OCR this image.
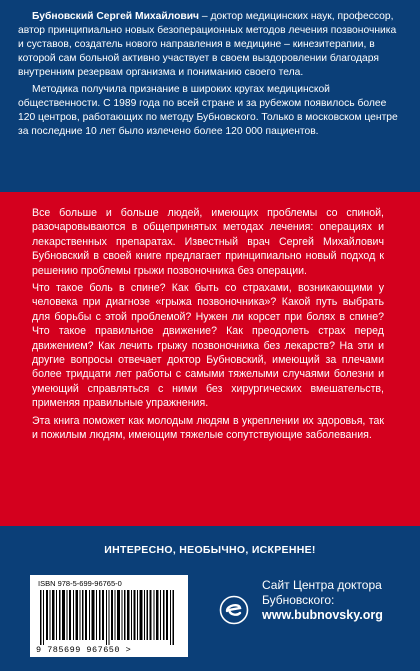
Бубновский Сергей Михайлович – доктор медицинских наук, профессор, автор принципиально новых безоперационных методов лечения позвоночника и суставов, создатель нового направления в медицине – кинезитерапии, в которой сам больной активно участвует в своем выздоровлении благодаря внутренним резервам организма и пониманию своего тела.

Методика получила признание в широких кругах медицинской общественности. С 1989 года по всей стране и за рубежом появилось более 120 центров, работающих по методу Бубновского. Только в московском центре за последние 10 лет было излечено более 120 000 пациентов.

Все больше и больше людей, имеющих проблемы со спиной, разочаровываются в общепринятых методах лечения: операциях и лекарственных препаратах. Известный врач Сергей Михайлович Бубновский в своей книге предлагает принципиально новый подход к решению проблемы грыжи позвоночника без операции.

Что такое боль в спине? Как быть со страхами, возникающими у человека при диагнозе «грыжа позвоночника»? Какой путь выбрать для борьбы с этой проблемой? Нужен ли корсет при болях в спине? Что такое правильное движение? Как преодолеть страх перед движением? Как лечить грыжу позвоночника без лекарств? На эти и другие вопросы отвечает доктор Бубновский, имеющий за плечами более тридцати лет работы с самыми тяжелыми случаями болезни и умеющий справляться с ними без хирургических вмешательств, применяя правильные упражнения.

Эта книга поможет как молодым людям в укреплении их здоровья, так и пожилым людям, имеющим тяжелые сопутствующие заболевания.

ИНТЕРЕСНО, НЕОБЫЧНО, ИСКРЕННЕ!
ISBN 978-5-699-96765-0
9 785699 967650 >
Сайт Центра доктора Бубновского:
www.bubnovsky.org
